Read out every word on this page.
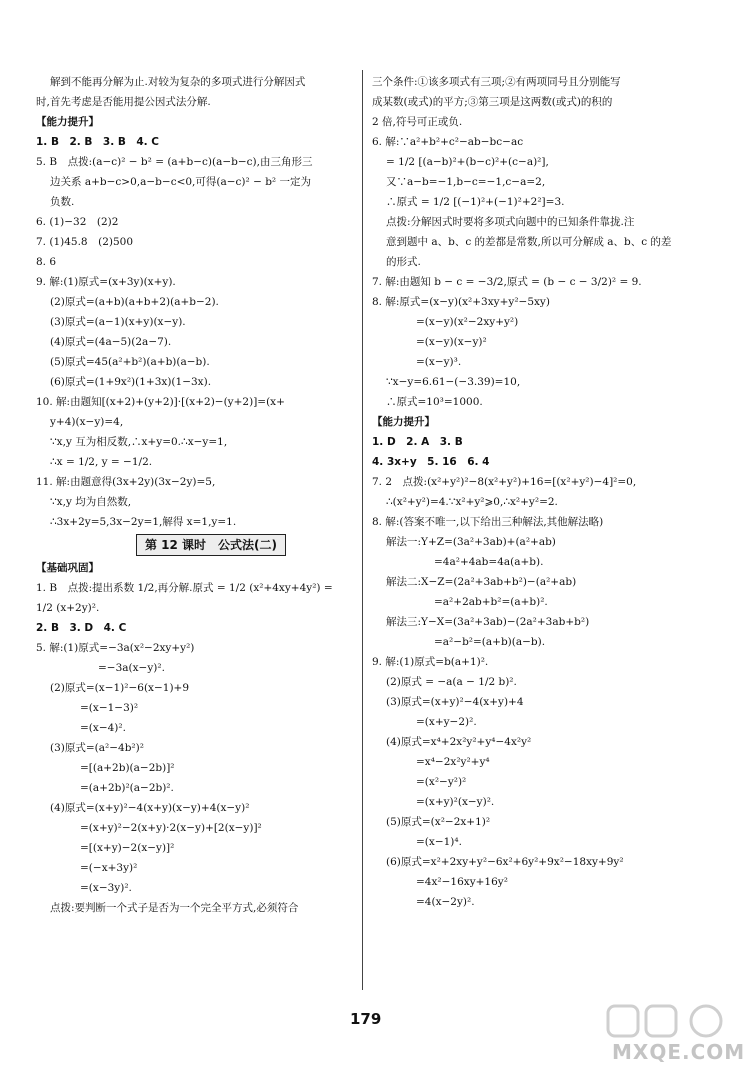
解到不能再分解为止.对较为复杂的多项式进行分解因式
时,首先考虑是否能用提公因式法分解.
【能力提升】
1. B　2. B　3. B　4. C
5. B　点拨:(a−c)² − b² = (a+b−c)(a−b−c),由三角形三
边关系 a+b−c>0,a−b−c<0,可得(a−c)² − b² 一定为
负数.
6. (1)−32　(2)2
7. (1)45.8　(2)500
8. 6
9. 解:(1)原式=(x+3y)(x+y).
(2)原式=(a+b)(a+b+2)(a+b−2).
(3)原式=(a−1)(x+y)(x−y).
(4)原式=(4a−5)(2a−7).
(5)原式=45(a²+b²)(a+b)(a−b).
(6)原式=(1+9x²)(1+3x)(1−3x).
10. 解:由题知[(x+2)+(y+2)]·[(x+2)−(y+2)]=(x+
y+4)(x−y)=4,
∵x,y 互为相反数,∴x+y=0.∴x−y=1,
∴x = 1/2, y = −1/2.
11. 解:由题意得(3x+2y)(3x−2y)=5,
∵x,y 均为自然数,
∴3x+2y=5,3x−2y=1,解得 x=1,y=1.
第 12 课时　公式法(二)
【基础巩固】
1. B　点拨:提出系数 1/2,再分解.原式 = 1/2 (x²+4xy+4y²) =
1/2 (x+2y)².
2. B　3. D　4. C
5. 解:(1)原式=−3a(x²−2xy+y²)
=−3a(x−y)².
(2)原式=(x−1)²−6(x−1)+9
=(x−1−3)²
=(x−4)².
(3)原式=(a²−4b²)²
=[(a+2b)(a−2b)]²
=(a+2b)²(a−2b)².
(4)原式=(x+y)²−4(x+y)(x−y)+4(x−y)²
=(x+y)²−2(x+y)·2(x−y)+[2(x−y)]²
=[(x+y)−2(x−y)]²
=(−x+3y)²
=(x−3y)².
点拨:要判断一个式子是否为一个完全平方式,必须符合
三个条件:①该多项式有三项;②有两项同号且分别能写
成某数(或式)的平方;③第三项是这两数(或式)的积的
2 倍,符号可正或负.
6. 解:∵a²+b²+c²−ab−bc−ac
= 1/2 [(a−b)²+(b−c)²+(c−a)²],
又∵a−b=−1,b−c=−1,c−a=2,
∴原式 = 1/2 [(−1)²+(−1)²+2²]=3.
点拨:分解因式时要将多项式向题中的已知条件靠拢.注
意到题中 a、b、c 的差都是常数,所以可分解成 a、b、c 的差
的形式.
7. 解:由题知 b − c = −3/2,原式 = (b − c − 3/2)² = 9.
8. 解:原式=(x−y)(x²+3xy+y²−5xy)
=(x−y)(x²−2xy+y²)
=(x−y)(x−y)²
=(x−y)³.
∵x−y=6.61−(−3.39)=10,
∴原式=10³=1000.
【能力提升】
1. D　2. A　3. B
4. 3x+y　5. 16　6. 4
7. 2　点拨:(x²+y²)²−8(x²+y²)+16=[(x²+y²)−4]²=0,
∴(x²+y²)=4.∵x²+y²⩾0,∴x²+y²=2.
8. 解:(答案不唯一,以下给出三种解法,其他解法略)
解法一:Y+Z=(3a²+3ab)+(a²+ab)
=4a²+4ab=4a(a+b).
解法二:X−Z=(2a²+3ab+b²)−(a²+ab)
=a²+2ab+b²=(a+b)².
解法三:Y−X=(3a²+3ab)−(2a²+3ab+b²)
=a²−b²=(a+b)(a−b).
9. 解:(1)原式=b(a+1)².
(2)原式 = −a(a − 1/2 b)².
(3)原式=(x+y)²−4(x+y)+4
=(x+y−2)².
(4)原式=x⁴+2x²y²+y⁴−4x²y²
=x⁴−2x²y²+y⁴
=(x²−y²)²
=(x+y)²(x−y)².
(5)原式=(x²−2x+1)²
=(x−1)⁴.
(6)原式=x²+2xy+y²−6x²+6y²+9x²−18xy+9y²
=4x²−16xy+16y²
=4(x−2y)².
179
MXQE.COM
